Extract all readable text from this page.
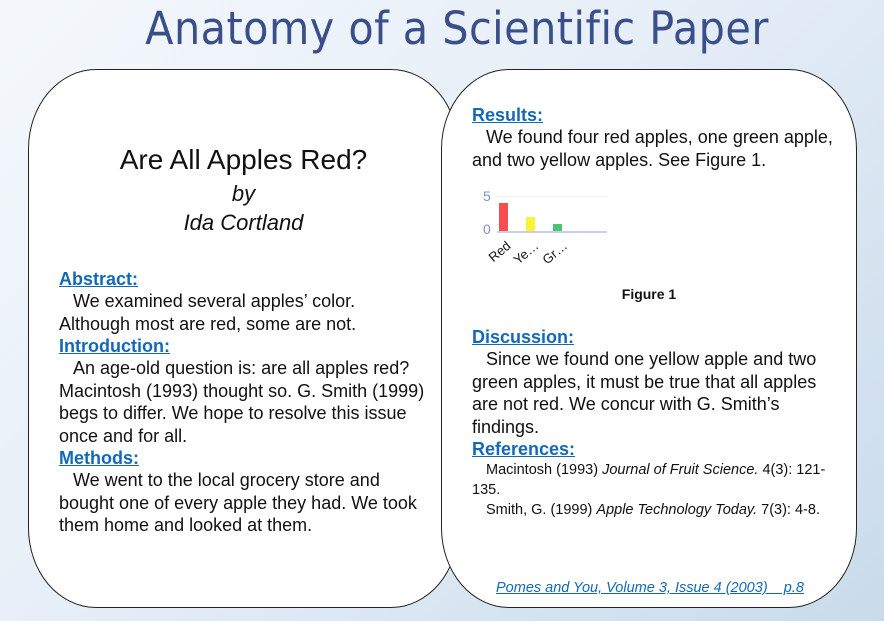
Anatomy of a Scientific Paper
Are All Apples Red?
by
Ida Cortland
Abstract:
We examined several apples’ color. Although most are red, some are not.
Introduction:
An age-old question is: are all apples red? Macintosh (1993) thought so. G. Smith (1999) begs to differ. We hope to resolve this issue once and for all.
Methods:
We went to the local grocery store and bought one of every apple they had. We took them home and looked at them.
Results:
We found four red apples, one green apple, and two yellow apples. See Figure 1.
5
0
Red
Ye…
Gr…
Figure 1
Discussion:
Since we found one yellow apple and two green apples, it must be true that all apples are not red. We concur with G. Smith’s findings.
References:
Macintosh (1993) Journal of Fruit Science. 4(3): 121-135.
Smith, G. (1999) Apple Technology Today. 7(3): 4-8.
Pomes and You, Volume 3, Issue 4 (2003)    p.8
